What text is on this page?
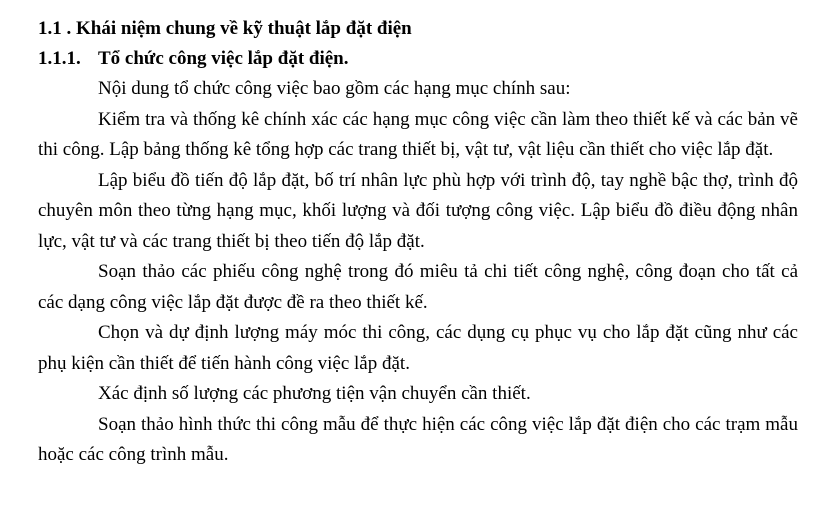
1.1 . Khái niệm chung về kỹ thuật lắp đặt điện

1.1.1. Tổ chức công việc lắp đặt điện.

Nội dung tổ chức công việc bao gồm các hạng mục chính sau:

Kiểm tra và thống kê chính xác các hạng mục công việc cần làm theo thiết kế và các bản vẽ thi công. Lập bảng thống kê tổng hợp các trang thiết bị, vật tư, vật liệu cần thiết cho việc lắp đặt.

Lập biểu đồ tiến độ lắp đặt, bố trí nhân lực phù hợp với trình độ, tay nghề bậc thợ, trình độ chuyên môn theo từng hạng mục, khối lượng và đối tượng công việc. Lập biểu đồ điều động nhân lực, vật tư và các trang thiết bị theo tiến độ lắp đặt.

Soạn thảo các phiếu công nghệ trong đó miêu tả chi tiết công nghệ, công đoạn cho tất cả các dạng công việc lắp đặt được đề ra theo thiết kế.

Chọn và dự định lượng máy móc thi công, các dụng cụ phục vụ cho lắp đặt cũng như các phụ kiện cần thiết để tiến hành công việc lắp đặt.

Xác định số lượng các phương tiện vận chuyển cần thiết.

Soạn thảo hình thức thi công mẫu để thực hiện các công việc lắp đặt điện cho các trạm mẫu hoặc các công trình mẫu.
